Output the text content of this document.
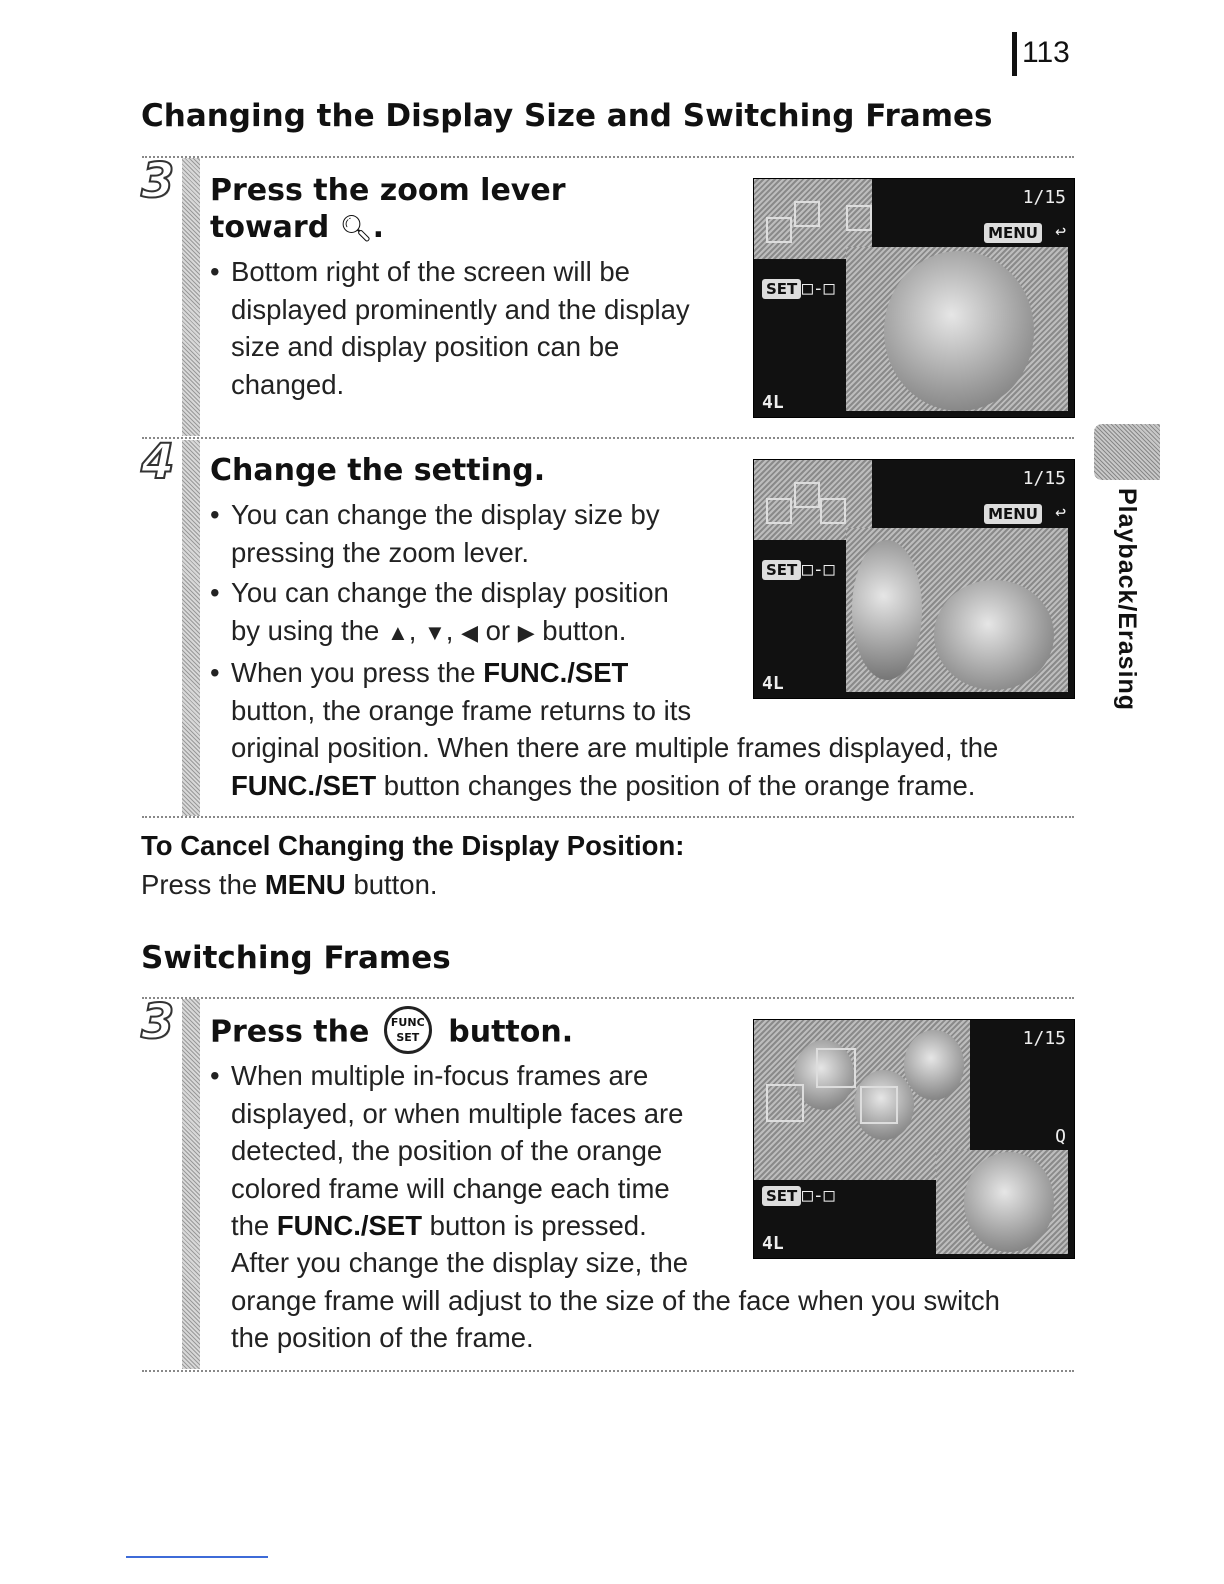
113
Changing the Display Size and Switching Frames
3 Press the zoom lever
toward 🔍︎.
• Bottom right of the screen will be
displayed prominently and the display
size and display position can be
changed.
1/15
MENU ↩
SET □-□
4L
4 Change the setting.
• You can change the display size by
pressing the zoom lever.
• You can change the display position
by using the ▲, ▼, ◀ or ▶ button.
• When you press the FUNC./SET
button, the orange frame returns to its
original position. When there are multiple frames displayed, the
FUNC./SET button changes the position of the orange frame.
1/15
MENU ↩
SET □-□
4L
To Cancel Changing the Display Position:
Press the MENU button.
Switching Frames
3 Press the FUNC
SET button.
• When multiple in-focus frames are
displayed, or when multiple faces are
detected, the position of the orange
colored frame will change each time
the FUNC./SET button is pressed.
After you change the display size, the
orange frame will adjust to the size of the face when you switch
the position of the frame.
1/15
Q
SET □-□
4L
Playback/Erasing
